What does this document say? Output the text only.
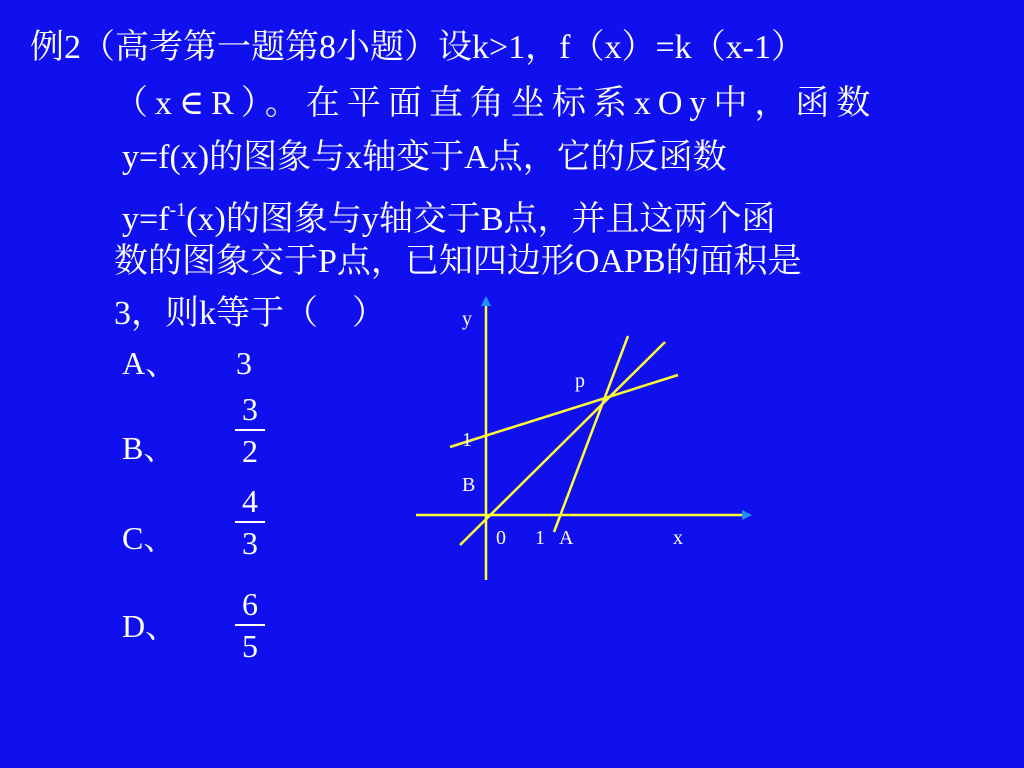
例2（高考第一题第8小题）设k>1，f（x）=k（x-1）
（x∈R）。在平面直角坐标系xOy中，函数
y=f(x)的图象与x轴变于A点，它的反函数
$y=f^{-1}(x)$的图象与y轴交于B点，并且这两个函
数的图象交于P点，已知四边形OAPB的面积是
3，则k等于（　）
A、 3
B、
3
2
C、
4
3
D、
6
5
y
p
1
B
0 1 A	x
